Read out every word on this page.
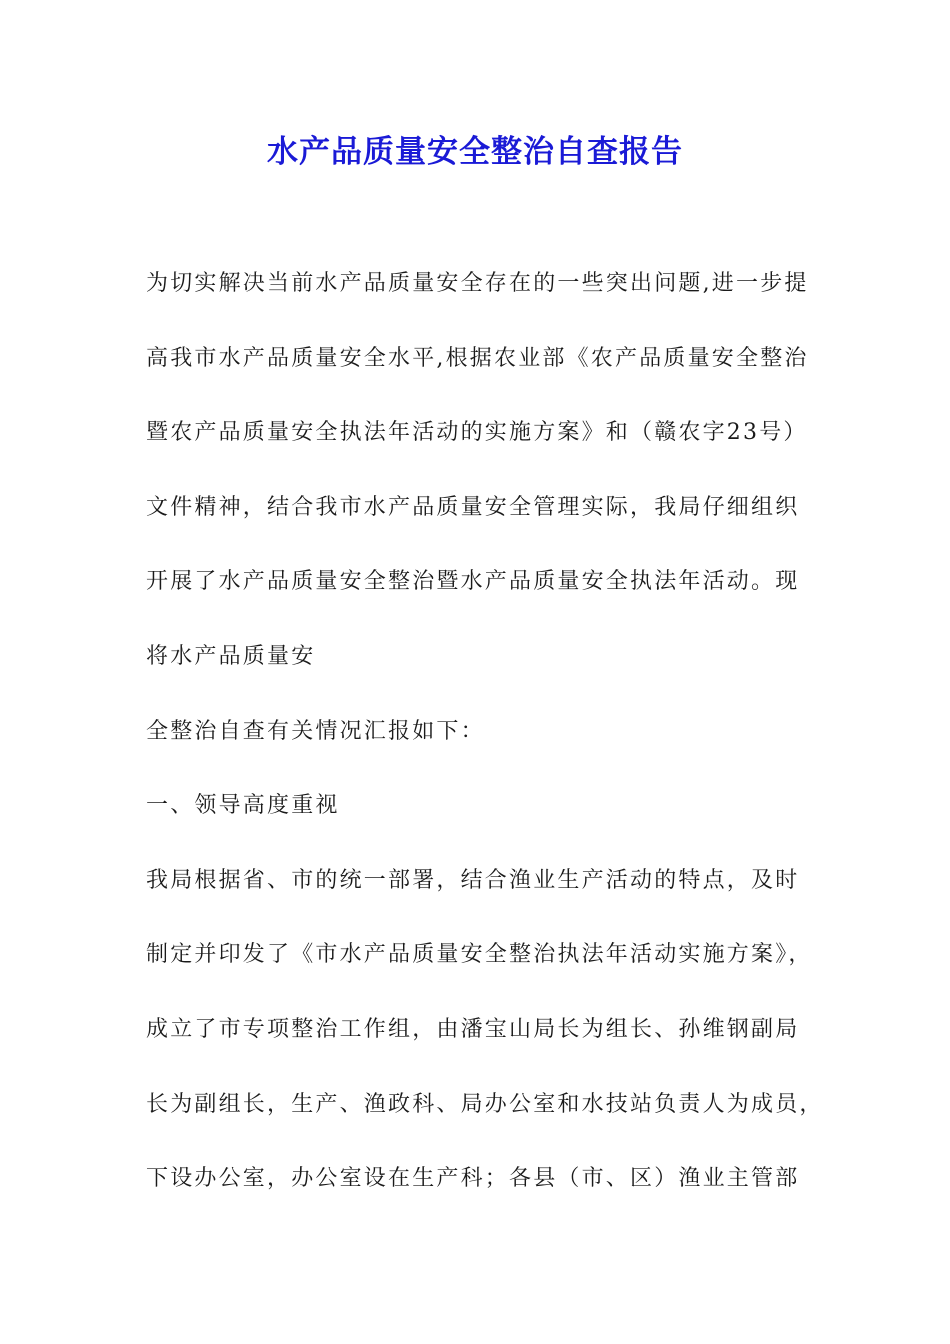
水产品质量安全整治自查报告
为切实解决当前水产品质量安全存在的一些突出问题,进一步提
高我市水产品质量安全水平,根据农业部《农产品质量安全整治
暨农产品质量安全执法年活动的实施方案》和（赣农字23号）
文件精神，结合我市水产品质量安全管理实际，我局仔细组织
开展了水产品质量安全整治暨水产品质量安全执法年活动。现
将水产品质量安
全整治自查有关情况汇报如下：
一、领导高度重视
我局根据省、市的统一部署，结合渔业生产活动的特点，及时
制定并印发了《市水产品质量安全整治执法年活动实施方案》，
成立了市专项整治工作组，由潘宝山局长为组长、孙维钢副局
长为副组长，生产、渔政科、局办公室和水技站负责人为成员，
下设办公室，办公室设在生产科；各县（市、区）渔业主管部
